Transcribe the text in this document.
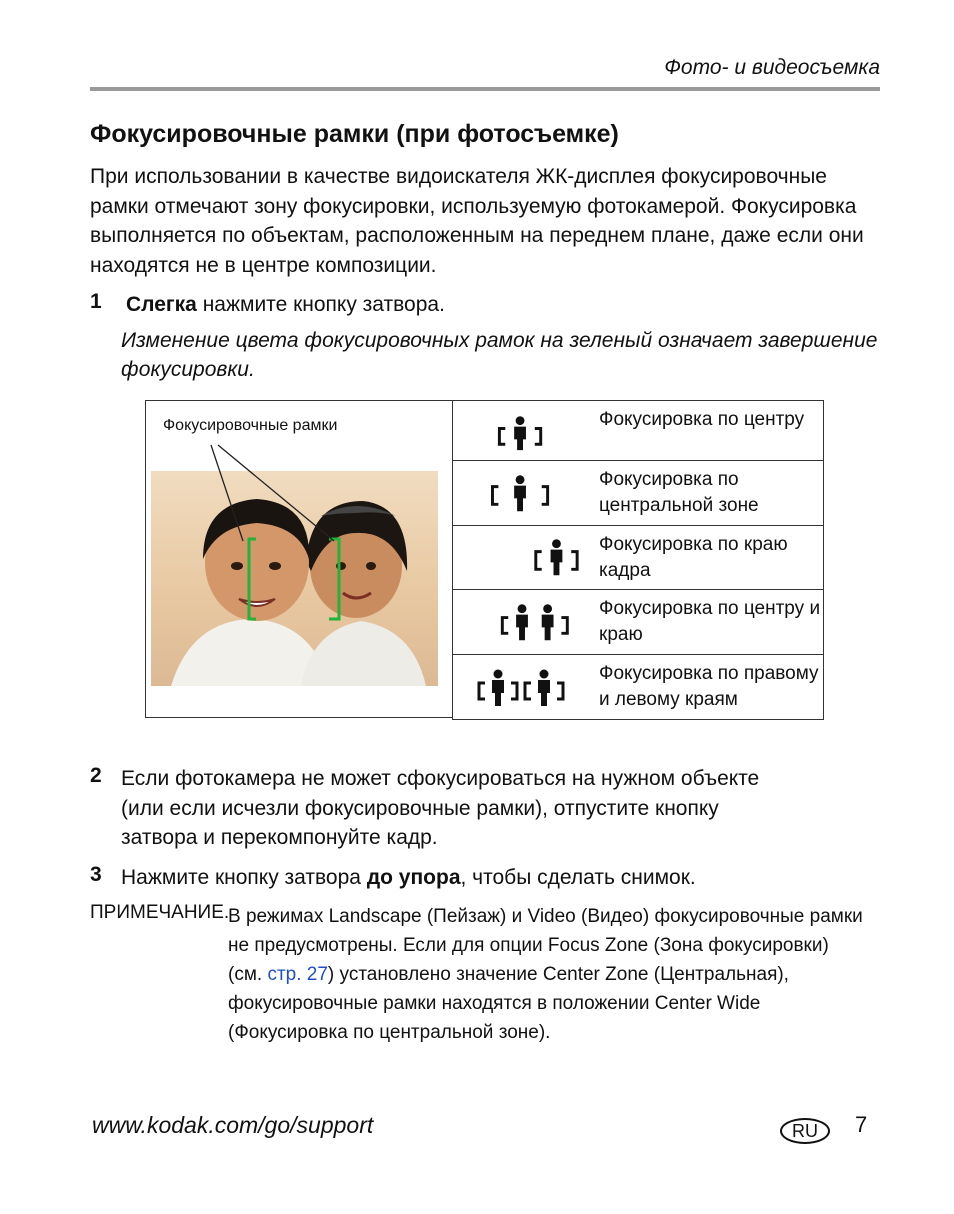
Фото- и видеосъемка
Фокусировочные рамки (при фотосъемке)
При использовании в качестве видоискателя ЖК-дисплея фокусировочные рамки отмечают зону фокусировки, используемую фотокамерой. Фокусировка выполняется по объектам, расположенным на переднем плане, даже если они находятся не в центре композиции.
1 Слегка нажмите кнопку затвора.
Изменение цвета фокусировочных рамок на зеленый означает завершение фокусировки.
Фокусировочные рамки	Фокусировка по центру
Фокусировка по центральной зоне
Фокусировка по краю кадра
Фокусировка по центру и краю
Фокусировка по правому и левому краям
2 Если фотокамера не может сфокусироваться на нужном объекте (или если исчезли фокусировочные рамки), отпустите кнопку затвора и перекомпонуйте кадр.
3 Нажмите кнопку затвора до упора, чтобы сделать снимок.
ПРИМЕЧАНИЕ.
В режимах Landscape (Пейзаж) и Video (Видео) фокусировочные рамки не предусмотрены. Если для опции Focus Zone (Зона фокусировки) (см. стр. 27) установлено значение Center Zone (Центральная), фокусировочные рамки находятся в положении Center Wide (Фокусировка по центральной зоне).
www.kodak.com/go/support	RU	7
